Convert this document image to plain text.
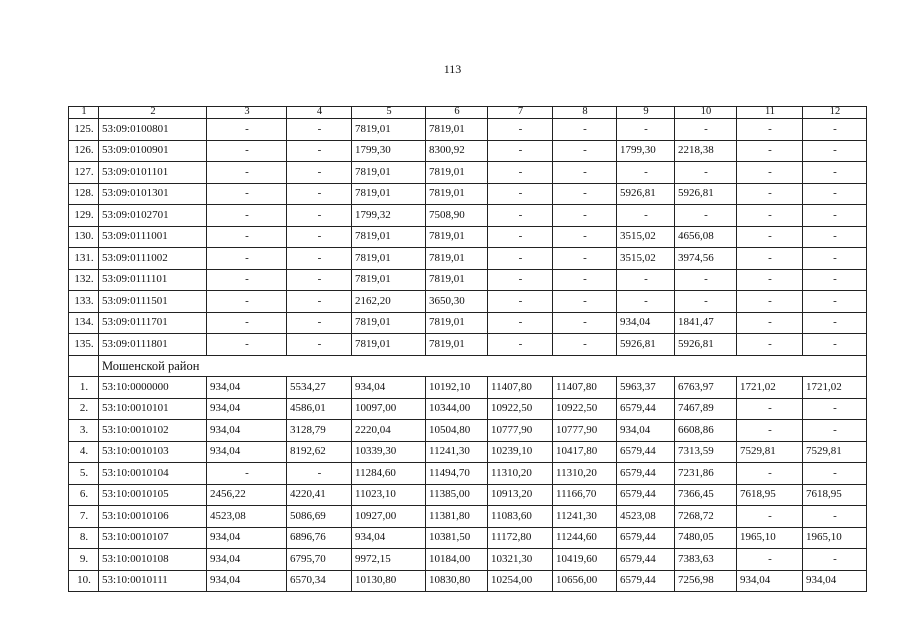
113
1	2	3	4	5	6	7	8	9	10	11	12
125.	53:09:0100801	-	-	7819,01	7819,01	-	-	-	-	-	-
126.	53:09:0100901	-	-	1799,30	8300,92	-	-	1799,30	2218,38	-	-
127.	53:09:0101101	-	-	7819,01	7819,01	-	-	-	-	-	-
128.	53:09:0101301	-	-	7819,01	7819,01	-	-	5926,81	5926,81	-	-
129.	53:09:0102701	-	-	1799,32	7508,90	-	-	-	-	-	-
130.	53:09:0111001	-	-	7819,01	7819,01	-	-	3515,02	4656,08	-	-
131.	53:09:0111002	-	-	7819,01	7819,01	-	-	3515,02	3974,56	-	-
132.	53:09:0111101	-	-	7819,01	7819,01	-	-	-	-	-	-
133.	53:09:0111501	-	-	2162,20	3650,30	-	-	-	-	-	-
134.	53:09:0111701	-	-	7819,01	7819,01	-	-	934,04	1841,47	-	-
135.	53:09:0111801	-	-	7819,01	7819,01	-	-	5926,81	5926,81	-	-
	Мошенской район										
1.	53:10:0000000	934,04	5534,27	934,04	10192,10	11407,80	11407,80	5963,37	6763,97	1721,02	1721,02
2.	53:10:0010101	934,04	4586,01	10097,00	10344,00	10922,50	10922,50	6579,44	7467,89	-	-
3.	53:10:0010102	934,04	3128,79	2220,04	10504,80	10777,90	10777,90	934,04	6608,86	-	-
4.	53:10:0010103	934,04	8192,62	10339,30	11241,30	10239,10	10417,80	6579,44	7313,59	7529,81	7529,81
5.	53:10:0010104	-	-	11284,60	11494,70	11310,20	11310,20	6579,44	7231,86	-	-
6.	53:10:0010105	2456,22	4220,41	11023,10	11385,00	10913,20	11166,70	6579,44	7366,45	7618,95	7618,95
7.	53:10:0010106	4523,08	5086,69	10927,00	11381,80	11083,60	11241,30	4523,08	7268,72	-	-
8.	53:10:0010107	934,04	6896,76	934,04	10381,50	11172,80	11244,60	6579,44	7480,05	1965,10	1965,10
9.	53:10:0010108	934,04	6795,70	9972,15	10184,00	10321,30	10419,60	6579,44	7383,63	-	-
10.	53:10:0010111	934,04	6570,34	10130,80	10830,80	10254,00	10656,00	6579,44	7256,98	934,04	934,04
